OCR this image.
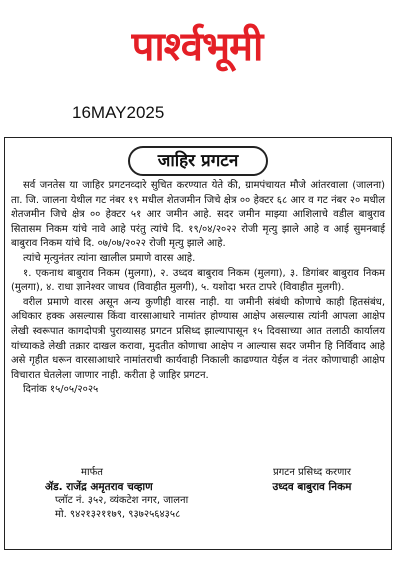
पार्श्वभूमी
16MAY2025
जाहिर प्रगटन

सर्व जनतेस या जाहिर प्रगटनव्दारे सुचित करण्यात येते की, ग्रामपंचायत मौजे आंतरवाला (जालना) ता. जि. जालना येथील गट नंबर १९ मधील शेतजमीन जिचे क्षेत्र ०० हेक्टर ६८ आर व गट नंबर २० मधील शेतजमीन जिचे क्षेत्र ०० हेक्टर ५१ आर जमीन आहे. सदर जमीन माझ्या आशिलाचे वडील बाबुराव सितासम निकम यांचे नावे आहे परंतु त्यांचे दि. १९/०४/२०२२ रोजी मृत्यु झाले आहे व आई सुमनबाई बाबुराव निकम यांचे दि. ०७/०७/२०२२ रोजी मृत्यु झाले आहे.

त्यांचे मृत्युनंतर त्यांना खालील प्रमाणे वारस आहे.

१. एकनाथ बाबुराव निकम (मुलगा), २. उध्दव बाबुराव निकम (मुलगा), ३. डिगांबर बाबुराव निकम (मुलगा), ४. राधा ज्ञानेश्वर जाधव (विवाहीत मुलगी), ५. यशोदा भरत टापरे (विवाहीत मुलगी).

वरील प्रमाणे वारस असून अन्य कुणीही वारस नाही. या जमीनी संबंधी कोणाचे काही हितसंबंध, अधिकार हक्क असल्यास किंवा वारसाआधारे नामांतर होण्यास आक्षेप असल्यास त्यांनी आपला आक्षेप लेखी स्वरूपात कागदोपत्री पुराव्यासह प्रगटन प्रसिध्द झाल्यापासून १५ दिवसाच्या आत तलाठी कार्यालय यांच्याकडे लेखी तक्रार दाखल करावा, मुदतीत कोणाचा आक्षेप न आल्यास सदर जमीन हि निर्विवाद आहे असे गृहीत धरून वारसाआधारे नामांतराची कार्यवाही निकाली काढण्यात येईल व नंतर कोणाचाही आक्षेप विचारात घेतलेला जाणार नाही. करीता हे जाहिर प्रगटन.

दिनांक १५/०५/२०२५

मार्फत
ॲड. राजेंद्र अमृतराव चव्हाण
प्लॉट नं. ३५२, व्यंकटेश नगर, जालना
मो. ९४२१३२११७९, ९३७२५६४३५८
प्रगटन प्रसिध्द करणार
उध्दव बाबुराव निकम
